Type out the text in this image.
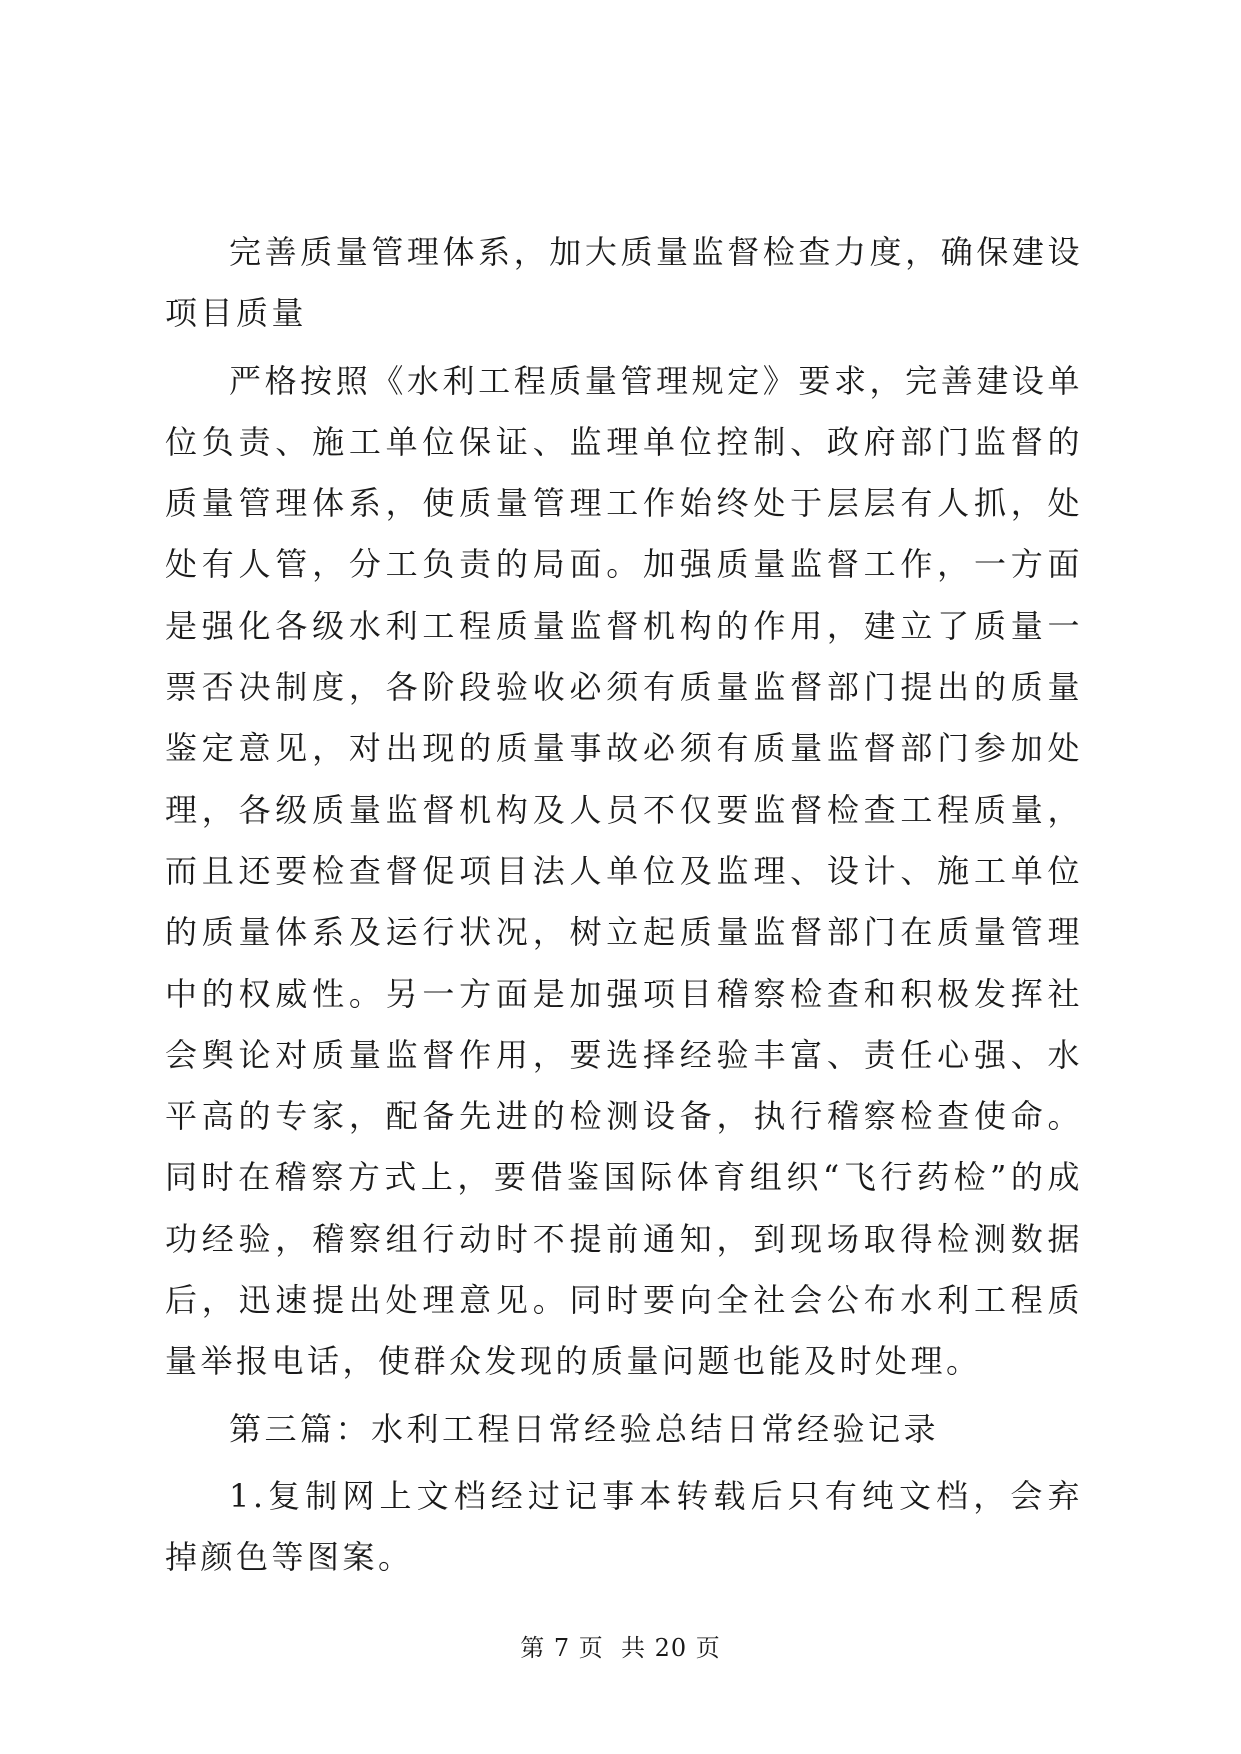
完善质量管理体系，加大质量监督检查力度，确保建设项目质量

严格按照《水利工程质量管理规定》要求，完善建设单位负责、施工单位保证、监理单位控制、政府部门监督的质量管理体系，使质量管理工作始终处于层层有人抓，处处有人管，分工负责的局面。加强质量监督工作，一方面是强化各级水利工程质量监督机构的作用，建立了质量一票否决制度，各阶段验收必须有质量监督部门提出的质量鉴定意见，对出现的质量事故必须有质量监督部门参加处理，各级质量监督机构及人员不仅要监督检查工程质量，而且还要检查督促项目法人单位及监理、设计、施工单位的质量体系及运行状况，树立起质量监督部门在质量管理中的权威性。另一方面是加强项目稽察检查和积极发挥社会舆论对质量监督作用，要选择经验丰富、责任心强、水平高的专家，配备先进的检测设备，执行稽察检查使命。同时在稽察方式上，要借鉴国际体育组织“飞行药检”的成功经验，稽察组行动时不提前通知，到现场取得检测数据后，迅速提出处理意见。同时要向全社会公布水利工程质量举报电话，使群众发现的质量问题也能及时处理。

第三篇：水利工程日常经验总结日常经验记录

1.复制网上文档经过记事本转载后只有纯文档，会弃掉颜色等图案。

第 7 页  共 20 页
